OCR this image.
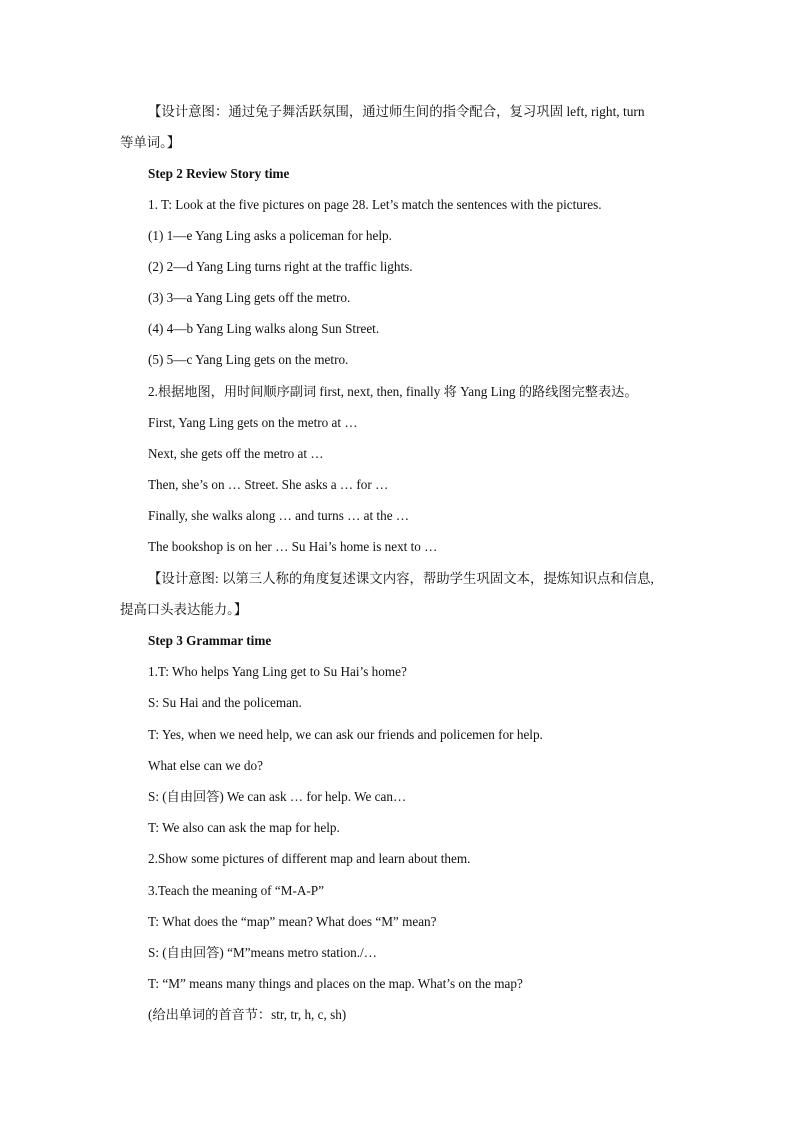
【设计意图：通过兔子舞活跃氛围，通过师生间的指令配合，复习巩固 left, right, turn
等单词。】
Step 2 Review Story time
1. T: Look at the five pictures on page 28. Let’s match the sentences with the pictures.
(1) 1—e Yang Ling asks a policeman for help.
(2) 2—d Yang Ling turns right at the traffic lights.
(3) 3—a Yang Ling gets off the metro.
(4) 4—b Yang Ling walks along Sun Street.
(5) 5—c Yang Ling gets on the metro.
2.根据地图，用时间顺序副词 first, next, then, finally 将 Yang Ling 的路线图完整表达。
First, Yang Ling gets on the metro at …
Next, she gets off the metro at …
Then, she’s on … Street. She asks a … for …
Finally, she walks along … and turns … at the …
The bookshop is on her … Su Hai’s home is next to …
【设计意图: 以第三人称的角度复述课文内容，帮助学生巩固文本，提炼知识点和信息,
提高口头表达能力。】
Step 3 Grammar time
1.T: Who helps Yang Ling get to Su Hai’s home?
S: Su Hai and the policeman.
T: Yes, when we need help, we can ask our friends and policemen for help.
What else can we do?
S: (自由回答) We can ask … for help. We can…
T: We also can ask the map for help.
2.Show some pictures of different map and learn about them.
3.Teach the meaning of “M-A-P”
T: What does the “map” mean? What does “M” mean?
S: (自由回答) “M”means metro station./…
T: “M” means many things and places on the map. What’s on the map?
(给出单词的首音节：str, tr, h, c, sh)
